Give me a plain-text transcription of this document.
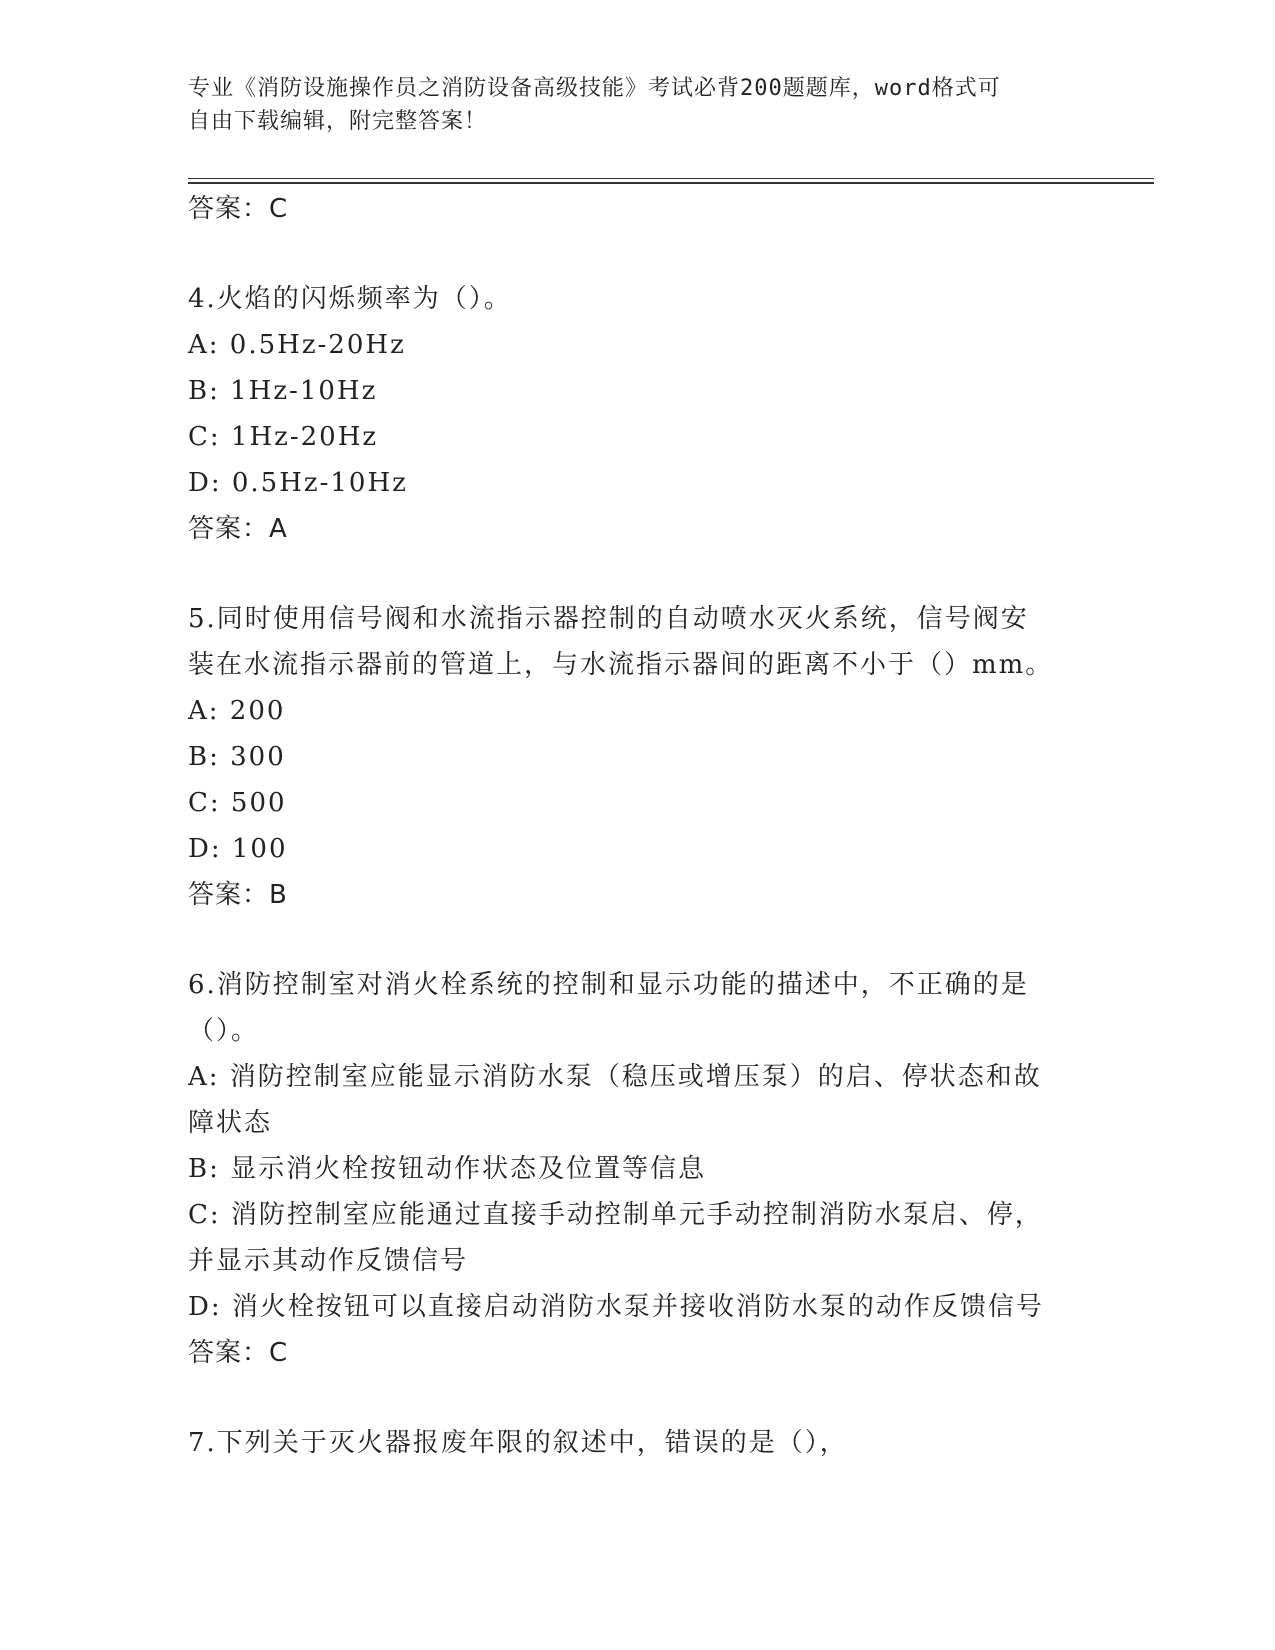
专业《消防设施操作员之消防设备高级技能》考试必背200题题库，word格式可
自由下载编辑，附完整答案！
答案：C
4.火焰的闪烁频率为（）。
A: 0.5Hz-20Hz
B: 1Hz-10Hz
C: 1Hz-20Hz
D: 0.5Hz-10Hz
答案：A
5.同时使用信号阀和水流指示器控制的自动喷水灭火系统，信号阀安
装在水流指示器前的管道上，与水流指示器间的距离不小于（）mm。
A: 200
B: 300
C: 500
D: 100
答案：B
6.消防控制室对消火栓系统的控制和显示功能的描述中，不正确的是
（）。
A: 消防控制室应能显示消防水泵（稳压或增压泵）的启、停状态和故
障状态
B: 显示消火栓按钮动作状态及位置等信息
C: 消防控制室应能通过直接手动控制单元手动控制消防水泵启、停，
并显示其动作反馈信号
D: 消火栓按钮可以直接启动消防水泵并接收消防水泵的动作反馈信号
答案：C
7.下列关于灭火器报废年限的叙述中，错误的是（），
